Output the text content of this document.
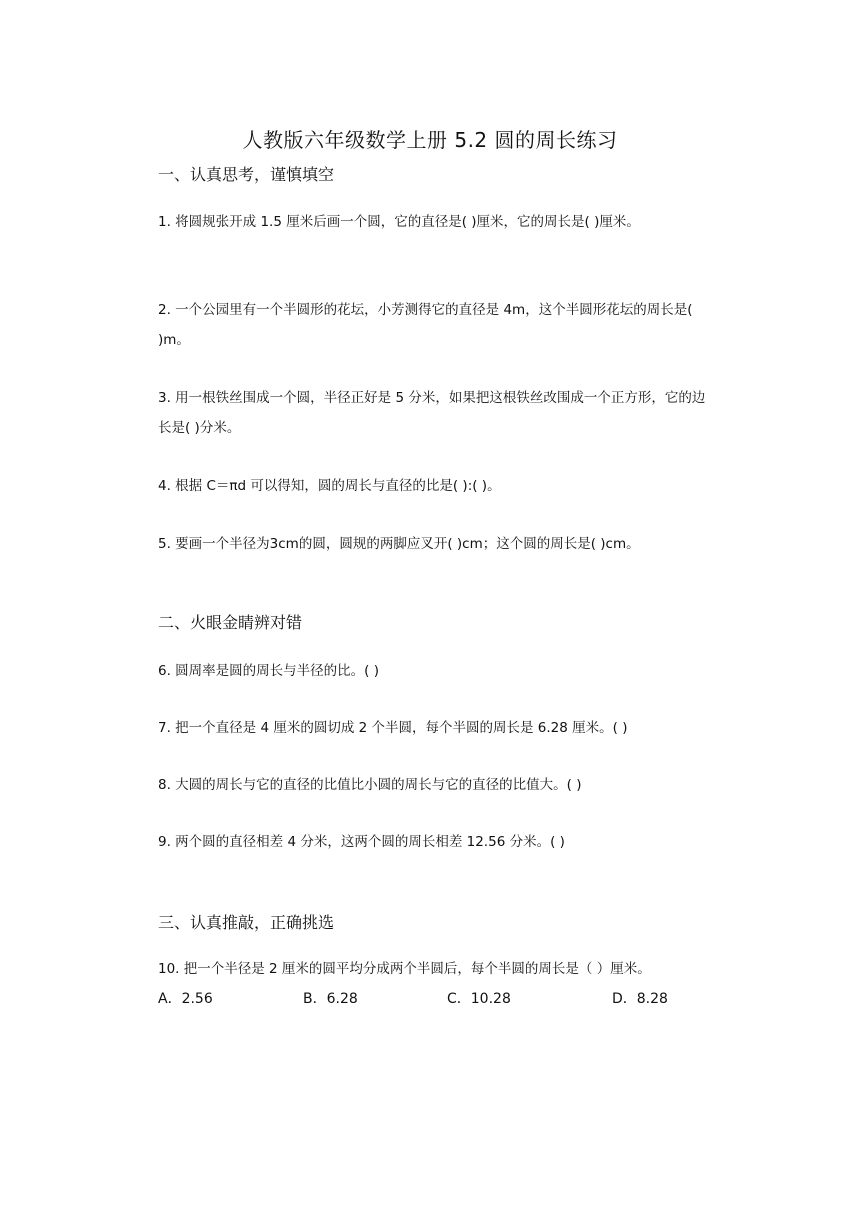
人教版六年级数学上册 5.2 圆的周长练习
一、认真思考，谨慎填空
1. 将圆规张开成 1.5 厘米后画一个圆，它的直径是( )厘米，它的周长是( )厘米。
2. 一个公园里有一个半圆形的花坛，小芳测得它的直径是 4m，这个半圆形花坛的周长是( )m。
3. 用一根铁丝围成一个圆，半径正好是 5 分米，如果把这根铁丝改围成一个正方形，它的边长是( )分米。
4. 根据 C＝πd 可以得知，圆的周长与直径的比是( ):( )。
5. 要画一个半径为3cm的圆，圆规的两脚应叉开( )cm；这个圆的周长是( )cm。
二、火眼金睛辨对错
6. 圆周率是圆的周长与半径的比。( )
7. 把一个直径是 4 厘米的圆切成 2 个半圆，每个半圆的周长是 6.28 厘米。( )
8. 大圆的周长与它的直径的比值比小圆的周长与它的直径的比值大。( )
9. 两个圆的直径相差 4 分米，这两个圆的周长相差 12.56 分米。( )
三、认真推敲，正确挑选
10. 把一个半径是 2 厘米的圆平均分成两个半圆后，每个半圆的周长是（ ）厘米。
A．2.56	B．6.28	C．10.28	D．8.28
